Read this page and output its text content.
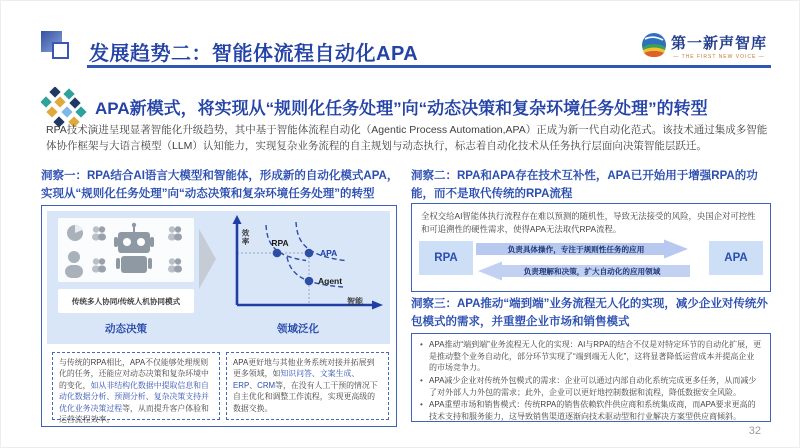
发展趋势二：智能体流程自动化APA	第一新声智库
— THE FIRST NEW VOICE —
APA新模式，将实现从“规则化任务处理”向“动态决策和复杂环境任务处理”的转型
RPA技术演进呈现显著智能化升级趋势，其中基于智能体流程自动化（Agentic Process Automation,APA）正成为新一代自动化范式。该技术通过集成多智能体协作框架与大语言模型（LLM）认知能力，实现复杂业务流程的自主规划与动态执行，标志着自动化技术从任务执行层面向决策智能层跃迁。
洞察一：RPA结合AI语言大模型和智能体，形成新的自动化模式APA，实现从“规则化任务处理”向“动态决策和复杂环境任务处理”的转型
传统多人协同/传统人机协同模式
RPA
APA
Agent
效率
智能
动态决策	领域泛化
与传统的RPA相比，APA不仅能够处理规则化的任务，还能应对动态决策和复杂环境中的变化，如从非结构化数据中提取信息和自动化数据分析、预测分析、复杂决策支持并优化业务决策过程等，从而提升客户体验和运营流程效率。
APA更好地与其他业务系统对接并拓展到更多领域，如知识问答、文案生成、ERP、CRM等，在没有人工干预的情况下自主优化和调整工作流程，实现更高级的数据交换。
洞察二：RPA和APA存在技术互补性，APA已开始用于增强RPA的功能，而不是取代传统的RPA流程
全权交给AI智能体执行流程存在难以预测的随机性，导致无法接受的风险，央国企对可控性和可追溯性的硬性需求，使得APA无法取代RPA流程。
RPA	APA
负责具体操作，专注于规则性任务的应用
负责理解和决策，扩大自动化的应用领域
洞察三：APA推动“端到端”业务流程无人化的实现，减少企业对传统外包模式的需求，并重塑企业市场和销售模式
• APA推动“端到端”业务流程无人化的实现：AI与RPA的结合不仅是对特定环节的自动化扩展，更是推动整个业务自动化，部分环节实现了“端到端无人化”，这将显著降低运营成本并提高企业的市场竞争力。
• APA减少企业对传统外包模式的需求：企业可以通过内部自动化系统完成更多任务，从而减少了对外部人力外包的需求；此外，企业可以更好地控制数据和流程，降低数据安全风险。
• APA重塑市场和销售模式：传统RPA的销售依赖软件供应商和系统集成商，而APA要求更高的技术支持和服务能力，这导致销售渠道逐渐向技术驱动型和行业解决方案型供应商倾斜。
32
